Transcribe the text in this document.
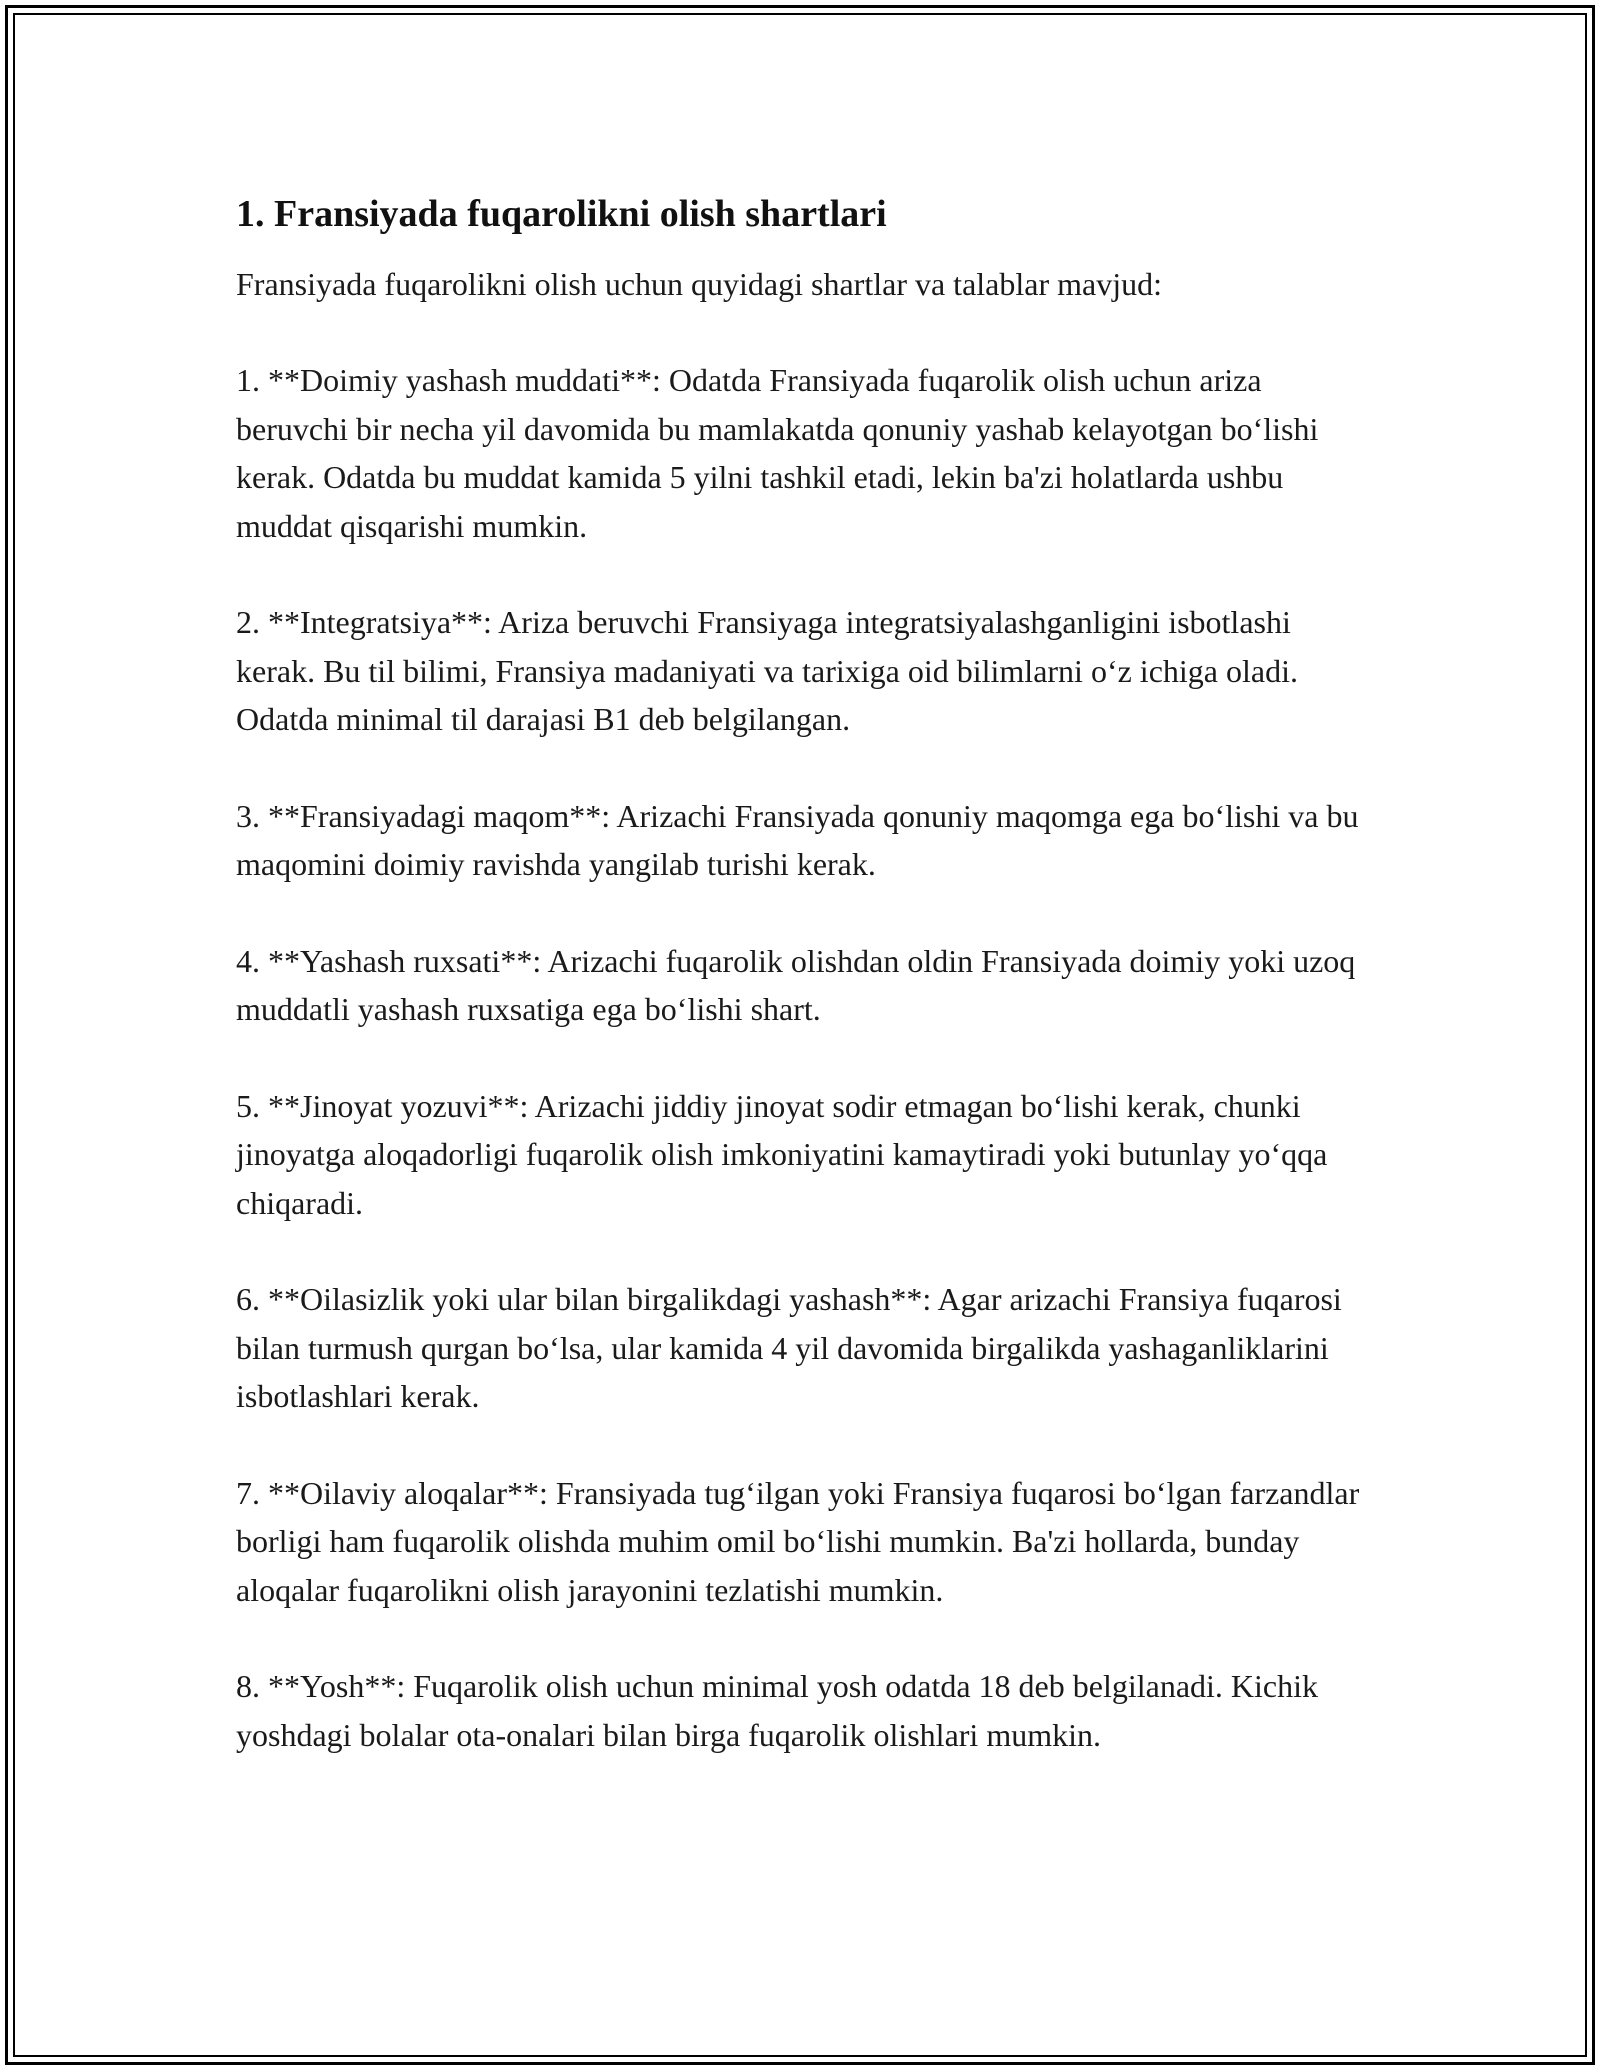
1. Fransiyada fuqarolikni olish shartlari

Fransiyada fuqarolikni olish uchun quyidagi shartlar va talablar mavjud:

1. **Doimiy yashash muddati**: Odatda Fransiyada fuqarolik olish uchun ariza beruvchi bir necha yil davomida bu mamlakatda qonuniy yashab kelayotgan bo‘lishi kerak. Odatda bu muddat kamida 5 yilni tashkil etadi, lekin ba'zi holatlarda ushbu muddat qisqarishi mumkin.

2. **Integratsiya**: Ariza beruvchi Fransiyaga integratsiyalashganligini isbotlashi kerak. Bu til bilimi, Fransiya madaniyati va tarixiga oid bilimlarni o‘z ichiga oladi. Odatda minimal til darajasi B1 deb belgilangan.

3. **Fransiyadagi maqom**: Arizachi Fransiyada qonuniy maqomga ega bo‘lishi va bu maqomini doimiy ravishda yangilab turishi kerak.

4. **Yashash ruxsati**: Arizachi fuqarolik olishdan oldin Fransiyada doimiy yoki uzoq muddatli yashash ruxsatiga ega bo‘lishi shart.

5. **Jinoyat yozuvi**: Arizachi jiddiy jinoyat sodir etmagan bo‘lishi kerak, chunki jinoyatga aloqadorligi fuqarolik olish imkoniyatini kamaytiradi yoki butunlay yo‘qqa chiqaradi.

6. **Oilasizlik yoki ular bilan birgalikdagi yashash**: Agar arizachi Fransiya fuqarosi bilan turmush qurgan bo‘lsa, ular kamida 4 yil davomida birgalikda yashaganliklarini isbotlashlari kerak.

7. **Oilaviy aloqalar**: Fransiyada tug‘ilgan yoki Fransiya fuqarosi bo‘lgan farzandlar borligi ham fuqarolik olishda muhim omil bo‘lishi mumkin. Ba'zi hollarda, bunday aloqalar fuqarolikni olish jarayonini tezlatishi mumkin.

8. **Yosh**: Fuqarolik olish uchun minimal yosh odatda 18 deb belgilanadi. Kichik yoshdagi bolalar ota-onalari bilan birga fuqarolik olishlari mumkin.
